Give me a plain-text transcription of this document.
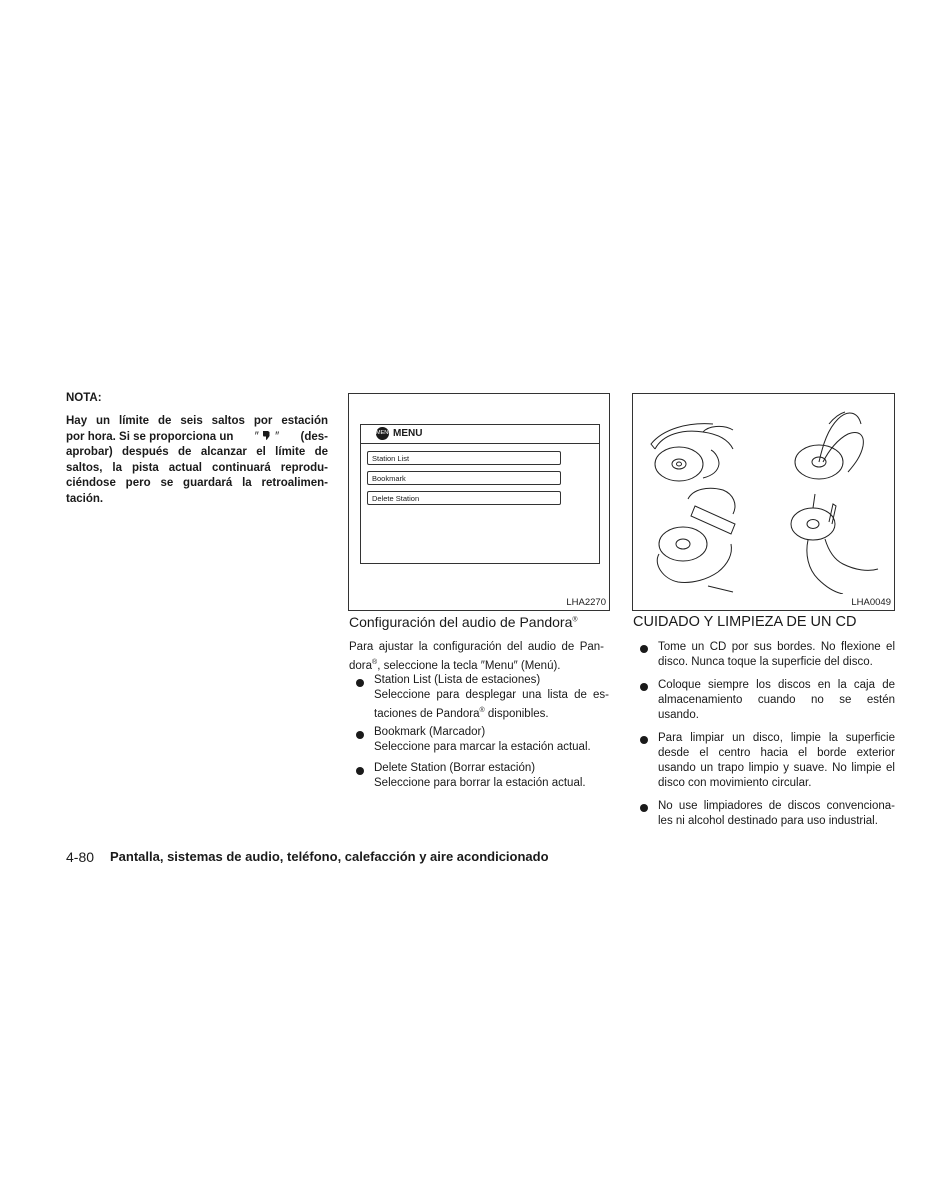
NOTA:
Hay un límite de seis saltos por estación
por hora. Si se proporciona un ″ ″ (des-
aprobar) después de alcanzar el límite de
saltos, la pista actual continuará reprodu-
ciéndose pero se guardará la retroalimen-
tación.
MENU MENU
Station List
Bookmark
Delete Station
LHA2270	LHA0049
Configuración del audio de Pandora®
Para ajustar la configuración del audio de Pan-
dora®, seleccione la tecla ″Menu″ (Menú).
Station List (Lista de estaciones)
Seleccione para desplegar una lista de es-
taciones de Pandora® disponibles.
Bookmark (Marcador)
Seleccione para marcar la estación actual.
Delete Station (Borrar estación)
Seleccione para borrar la estación actual.
CUIDADO Y LIMPIEZA DE UN CD
Tome un CD por sus bordes. No flexione el
disco. Nunca toque la superficie del disco.
Coloque siempre los discos en la caja de
almacenamiento cuando no se estén
usando.
Para limpiar un disco, limpie la superficie
desde el centro hacia el borde exterior
usando un trapo limpio y suave. No limpie el
disco con movimiento circular.
No use limpiadores de discos convenciona-
les ni alcohol destinado para uso industrial.
4-80 Pantalla, sistemas de audio, teléfono, calefacción y aire acondicionado
